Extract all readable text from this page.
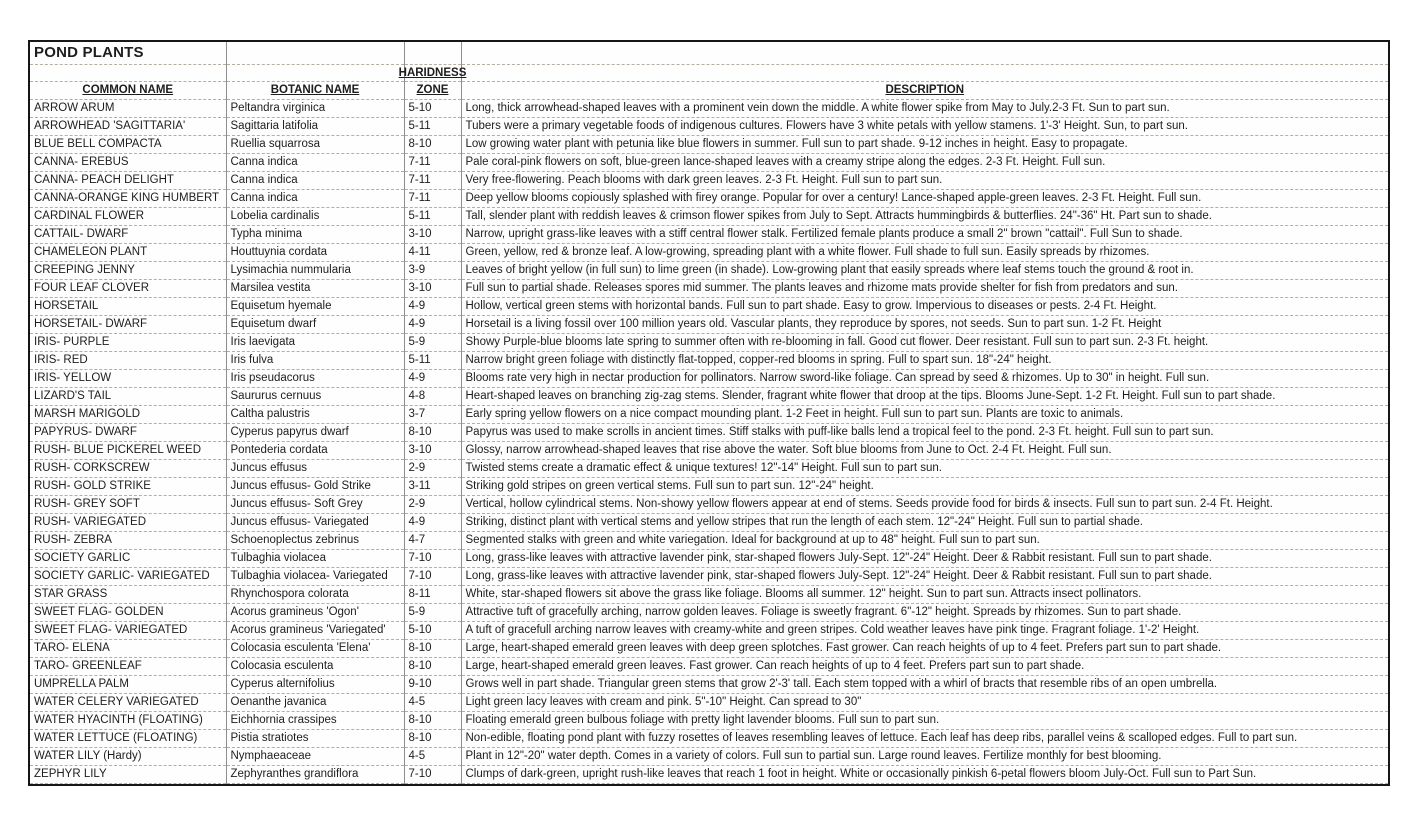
POND PLANTS			

		HARIDNESS	

COMMON NAME	BOTANIC NAME	ZONE	DESCRIPTION
ARROW ARUM	Peltandra virginica	5-10	Long, thick arrowhead-shaped leaves with a prominent vein down the middle. A white flower spike from May to July.2-3 Ft. Sun to part sun.
ARROWHEAD 'SAGITTARIA'	Sagittaria latifolia	5-11	Tubers were a primary vegetable foods of indigenous cultures. Flowers have 3 white petals with yellow stamens. 1'-3' Height. Sun, to part sun.
BLUE BELL COMPACTA	Ruellia squarrosa	8-10	Low growing water plant with petunia like blue flowers in summer. Full sun to part shade. 9-12 inches in height. Easy to propagate.
CANNA- EREBUS	Canna indica	7-11	Pale coral-pink flowers on soft, blue-green lance-shaped leaves with a creamy stripe along the edges. 2-3 Ft. Height. Full sun.
CANNA- PEACH DELIGHT	Canna indica	7-11	Very free-flowering. Peach blooms with dark green leaves. 2-3 Ft. Height. Full sun to part sun.
CANNA-ORANGE KING HUMBERT	Canna indica	7-11	Deep yellow blooms copiously splashed with firey orange. Popular for over a century! Lance-shaped apple-green leaves. 2-3 Ft. Height. Full sun.
CARDINAL FLOWER	Lobelia cardinalis	5-11	Tall, slender plant with reddish leaves & crimson flower spikes from July to Sept. Attracts hummingbirds & butterflies. 24"-36" Ht. Part sun to shade.
CATTAIL- DWARF	Typha minima	3-10	Narrow, upright grass-like leaves with a stiff central flower stalk. Fertilized female plants produce a small 2" brown "cattail". Full Sun to shade.
CHAMELEON PLANT	Houttuynia cordata	4-11	Green, yellow, red & bronze leaf. A low-growing, spreading plant with a white flower. Full shade to full sun. Easily spreads by rhizomes.
CREEPING JENNY	Lysimachia nummularia	3-9	Leaves of bright yellow (in full sun) to lime green (in shade). Low-growing plant that easily spreads where leaf stems touch the ground & root in.
FOUR LEAF CLOVER	Marsilea vestita	3-10	Full sun to partial shade. Releases spores mid summer. The plants leaves and rhizome mats provide shelter for fish from predators and sun.
HORSETAIL	Equisetum hyemale	4-9	Hollow, vertical green stems with horizontal bands. Full sun to part shade. Easy to grow. Impervious to diseases or pests. 2-4 Ft. Height.
HORSETAIL- DWARF	Equisetum dwarf	4-9	Horsetail is a living fossil over 100 million years old. Vascular plants, they reproduce by spores, not seeds. Sun to part sun. 1-2 Ft. Height
IRIS- PURPLE	Iris laevigata	5-9	Showy Purple-blue blooms late spring to summer often with re-blooming in fall. Good cut flower. Deer resistant. Full sun to part sun. 2-3 Ft. height.
IRIS- RED	Iris fulva	5-11	Narrow bright green foliage with distinctly flat-topped, copper-red blooms in spring. Full to spart sun. 18"-24" height.
IRIS- YELLOW	Iris pseudacorus	4-9	Blooms rate very high in nectar production for pollinators. Narrow sword-like foliage. Can spread by seed & rhizomes. Up to 30" in height. Full sun.
LIZARD'S TAIL	Saururus cernuus	4-8	Heart-shaped leaves on branching zig-zag stems. Slender, fragrant white flower that droop at the tips. Blooms June-Sept. 1-2 Ft. Height. Full sun to part shade.
MARSH MARIGOLD	Caltha palustris	3-7	Early spring yellow flowers on a nice compact mounding plant. 1-2 Feet in height. Full sun to part sun. Plants are toxic to animals.
PAPYRUS- DWARF	Cyperus papyrus dwarf	8-10	Papyrus was used to make scrolls in ancient times. Stiff stalks with puff-like balls lend a tropical feel to the pond. 2-3 Ft. height. Full sun to part sun.
RUSH- BLUE PICKEREL WEED	Pontederia cordata	3-10	Glossy, narrow arrowhead-shaped leaves that rise above the water. Soft blue blooms from June to Oct. 2-4 Ft. Height. Full sun.
RUSH- CORKSCREW	Juncus effusus	2-9	Twisted stems create a dramatic effect & unique textures! 12"-14" Height. Full sun to part sun.
RUSH- GOLD STRIKE	Juncus effusus- Gold Strike	3-11	Striking gold stripes on green vertical stems. Full sun to part sun. 12"-24" height.
RUSH- GREY SOFT	Juncus effusus- Soft Grey	2-9	Vertical, hollow cylindrical stems. Non-showy yellow flowers appear at end of stems. Seeds provide food for birds & insects. Full sun to part sun. 2-4 Ft. Height.
RUSH- VARIEGATED	Juncus effusus- Variegated	4-9	Striking, distinct plant with vertical stems and yellow stripes that run the length of each stem. 12"-24" Height. Full sun to partial shade.
RUSH- ZEBRA	Schoenoplectus zebrinus	4-7	Segmented stalks with green and white variegation. Ideal for background at up to 48" height. Full sun to part sun.
SOCIETY GARLIC	Tulbaghia violacea	7-10	Long, grass-like leaves with attractive lavender pink, star-shaped flowers July-Sept. 12"-24" Height. Deer & Rabbit resistant. Full sun to part shade.
SOCIETY GARLIC- VARIEGATED	Tulbaghia violacea- Variegated	7-10	Long, grass-like leaves with attractive lavender pink, star-shaped flowers July-Sept. 12"-24" Height. Deer & Rabbit resistant. Full sun to part shade.
STAR GRASS	Rhynchospora colorata	8-11	White, star-shaped flowers sit above the grass like foliage. Blooms all summer. 12" height. Sun to part sun. Attracts insect pollinators.
SWEET FLAG- GOLDEN	Acorus gramineus 'Ogon'	5-9	Attractive tuft of gracefully arching, narrow golden leaves. Foliage is sweetly fragrant. 6"-12" height. Spreads by rhizomes. Sun to part shade.
SWEET FLAG- VARIEGATED	Acorus gramineus 'Variegated'	5-10	A tuft of gracefull arching narrow leaves with creamy-white and green stripes. Cold weather leaves have pink tinge. Fragrant foliage. 1'-2' Height.
TARO- ELENA	Colocasia esculenta 'Elena'	8-10	Large, heart-shaped emerald green leaves with deep green splotches. Fast grower. Can reach heights of up to 4 feet. Prefers part sun to part shade.
TARO- GREENLEAF	Colocasia esculenta	8-10	Large, heart-shaped emerald green leaves. Fast grower. Can reach heights of up to 4 feet. Prefers part sun to part shade.
UMPRELLA PALM	Cyperus alternifolius	9-10	Grows well in part shade. Triangular green stems that grow 2'-3' tall. Each stem topped with a whirl of bracts that resemble ribs of an open umbrella.
WATER CELERY VARIEGATED	Oenanthe javanica	4-5	Light green lacy leaves with cream and pink. 5"-10" Height. Can spread to 30"
WATER HYACINTH (FLOATING)	Eichhornia crassipes	8-10	Floating emerald green bulbous foliage with pretty light lavender blooms. Full sun to part sun.
WATER LETTUCE (FLOATING)	Pistia stratiotes	8-10	Non-edible, floating pond plant with fuzzy rosettes of leaves resembling leaves of lettuce. Each leaf has deep ribs, parallel veins & scalloped edges. Full to part sun.
WATER LILY (Hardy)	Nymphaeaceae	4-5	Plant in 12"-20" water depth. Comes in a variety of colors. Full sun to partial sun. Large round leaves. Fertilize monthly for best blooming.
ZEPHYR LILY	Zephyranthes grandiflora	7-10	Clumps of dark-green, upright rush-like leaves that reach 1 foot in height. White or occasionally pinkish 6-petal flowers bloom July-Oct. Full sun to Part Sun.
